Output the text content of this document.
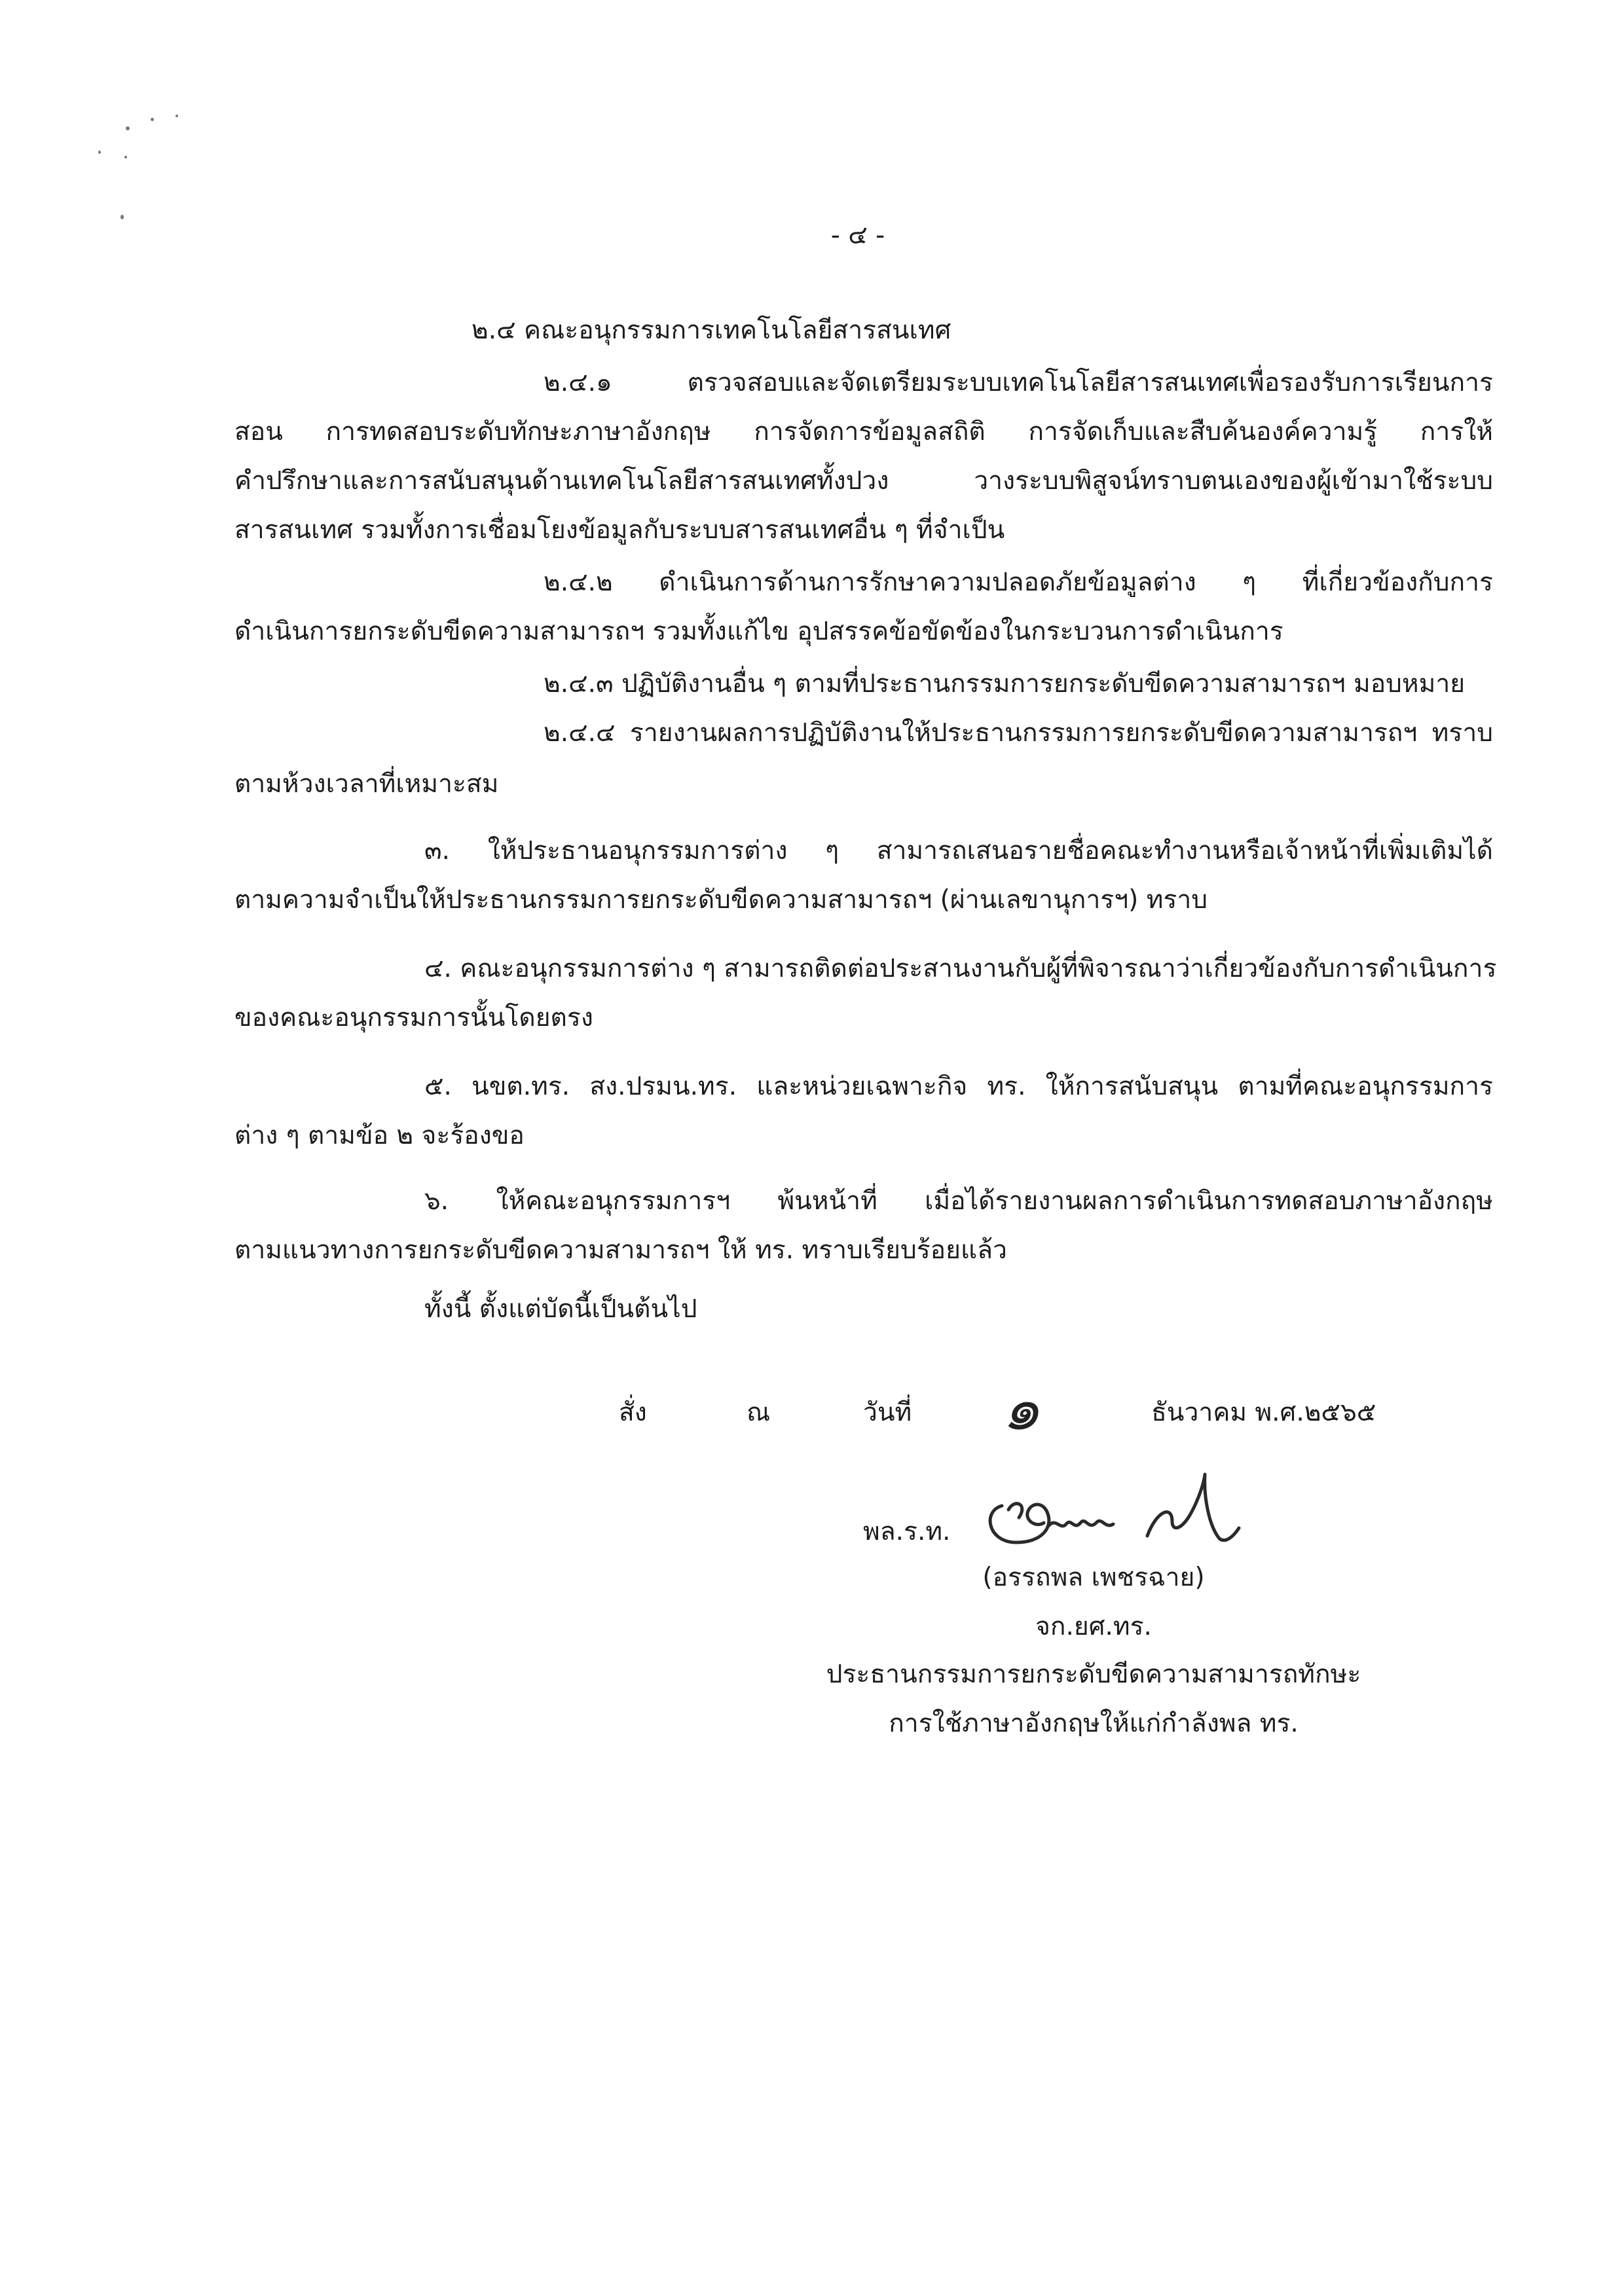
- ๔ -
๒.๔ คณะอนุกรรมการเทคโนโลยีสารสนเทศ
๒.๔.๑ ตรวจสอบและจัดเตรียมระบบเทคโนโลยีสารสนเทศเพื่อรองรับการเรียนการ
สอน การทดสอบระดับทักษะภาษาอังกฤษ การจัดการข้อมูลสถิติ การจัดเก็บและสืบค้นองค์ความรู้ การให้
คำปรึกษาและการสนับสนุนด้านเทคโนโลยีสารสนเทศทั้งปวง วางระบบพิสูจน์ทราบตนเองของผู้เข้ามาใช้ระบบ
สารสนเทศ รวมทั้งการเชื่อมโยงข้อมูลกับระบบสารสนเทศอื่น ๆ ที่จำเป็น
๒.๔.๒ ดำเนินการด้านการรักษาความปลอดภัยข้อมูลต่าง ๆ ที่เกี่ยวข้องกับการ
ดำเนินการยกระดับขีดความสามารถฯ รวมทั้งแก้ไข อุปสรรคข้อขัดข้องในกระบวนการดำเนินการ
๒.๔.๓ ปฏิบัติงานอื่น ๆ ตามที่ประธานกรรมการยกระดับขีดความสามารถฯ มอบหมาย
๒.๔.๔ รายงานผลการปฏิบัติงานให้ประธานกรรมการยกระดับขีดความสามารถฯ ทราบ
ตามห้วงเวลาที่เหมาะสม
๓. ให้ประธานอนุกรรมการต่าง ๆ สามารถเสนอรายชื่อคณะทำงานหรือเจ้าหน้าที่เพิ่มเติมได้
ตามความจำเป็นให้ประธานกรรมการยกระดับขีดความสามารถฯ (ผ่านเลขานุการฯ) ทราบ
๔. คณะอนุกรรมการต่าง ๆ สามารถติดต่อประสานงานกับผู้ที่พิจารณาว่าเกี่ยวข้องกับการดำเนินการ
ของคณะอนุกรรมการนั้นโดยตรง
๕. นขต.ทร. สง.ปรมน.ทร. และหน่วยเฉพาะกิจ ทร. ให้การสนับสนุน ตามที่คณะอนุกรรมการ
ต่าง ๆ ตามข้อ ๒ จะร้องขอ
๖. ให้คณะอนุกรรมการฯ พ้นหน้าที่ เมื่อได้รายงานผลการดำเนินการทดสอบภาษาอังกฤษ
ตามแนวทางการยกระดับขีดความสามารถฯ ให้ ทร. ทราบเรียบร้อยแล้ว
ทั้งนี้ ตั้งแต่บัดนี้เป็นต้นไป
สั่ง	ณ	วันที่ ๑	ธันวาคม พ.ศ.๒๕๖๕
พล.ร.ท.
(อรรถพล เพชรฉาย)
จก.ยศ.ทร.
ประธานกรรมการยกระดับขีดความสามารถทักษะ
การใช้ภาษาอังกฤษให้แก่กำลังพล ทร.
